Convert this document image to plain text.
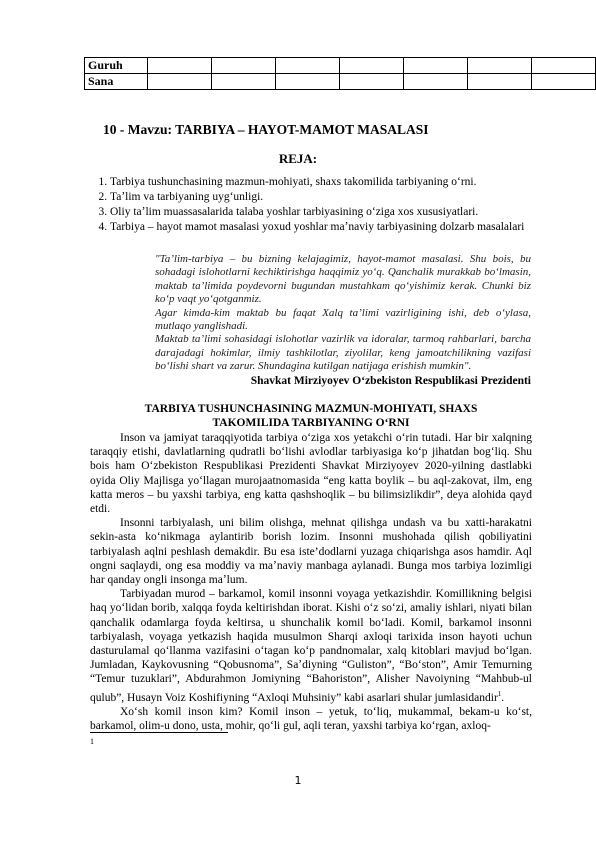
Guruh							
Sana							
10 - Mavzu: TARBIYA – HAYOT-MAMOT MASALASI
REJA:
1. Tarbiya tushunchasining mazmun-mohiyati, shaxs takomilida tarbiyaning oʻrni.
2. Taʼlim va tarbiyaning uygʻunligi.
3. Oliy taʼlim muassasalarida talaba yoshlar tarbiyasining oʻziga xos xususiyatlari.
4. Tarbiya – hayot mamot masalasi yoxud yoshlar maʼnaviy tarbiyasining dolzarb masalalari

"Ta’lim-tarbiya – bu bizning kelajagimiz, hayot-mamot masalasi. Shu bois, bu sohadagi islohotlarni kechiktirishga haqqimiz yo‘q. Qanchalik murakkab bo‘lmasin, maktab ta’limida poydevorni bugundan mustahkam qo‘yishimiz kerak. Chunki biz ko‘p vaqt yo‘qotganmiz.

Agar kimda-kim maktab bu faqat Xalq ta’limi vazirligining ishi, deb o‘ylasa, mutlaqo yanglishadi.

Maktab ta’limi sohasidagi islohotlar vazirlik va idoralar, tarmoq rahbarlari, barcha darajadagi hokimlar, ilmiy tashkilotlar, ziyolilar, keng jamoatchilikning vazifasi bo‘lishi shart va zarur. Shundagina kutilgan natijaga erishish mumkin".

Shavkat Mirziyoyev Oʻzbekiston Respublikasi Prezidenti
TARBIYA TUSHUNCHASINING MAZMUN-MOHIYATI, SHAXS
TAKOMILIDA TARBIYANING OʻRNI

Inson va jamiyat taraqqiyotida tarbiya oʻziga xos yetakchi oʻrin tutadi. Har bir xalqning taraqqiy etishi, davlatlarning qudratli boʻlishi avlodlar tarbiyasiga koʻp jihatdan bogʻliq. Shu bois ham Oʻzbekiston Respublikasi Prezidenti Shavkat Mirziyoyev 2020-yilning dastlabki oyida Oliy Majlisga yoʻllagan murojaatnomasida “eng katta boylik – bu aql-zakovat, ilm, eng katta meros – bu yaxshi tarbiya, eng katta qashshoqlik – bu bilimsizlikdir”, deya alohida qayd etdi.

Insonni tarbiyalash, uni bilim olishga, mehnat qilishga undash va bu xatti-harakatni sekin-asta koʻnikmaga aylantirib borish lozim. Insonni mushohada qilish qobiliyatini tarbiyalash aqlni peshlash demakdir. Bu esa iste’dodlarni yuzaga chiqarishga asos hamdir. Aql ongni saqlaydi, ong esa moddiy va maʼnaviy manbaga aylanadi. Bunga mos tarbiya lozimligi har qanday ongli insonga maʼlum.

Tarbiyadan murod – barkamol, komil insonni voyaga yetkazishdir. Komillikning belgisi haq yoʻlidan borib, xalqqa foyda keltirishdan iborat. Kishi oʻz soʻzi, amaliy ishlari, niyati bilan qanchalik odamlarga foyda keltirsa, u shunchalik komil boʻladi. Komil, barkamol insonni tarbiyalash, voyaga yetkazish haqida musulmon Sharqi axloqi tarixida inson hayoti uchun dasturulamal qoʻllanma vazifasini oʻtagan koʻp pandnomalar, xalq kitoblari mavjud boʻlgan. Jumladan, Kaykovusning “Qobusnoma”, Saʼdiyning “Guliston”, “Boʻston”, Amir Temurning “Temur tuzuklari”, Abdurahmon Jomiyning “Bahoriston”, Alisher Navoiyning “Mahbub-ul qulub”, Husayn Voiz Koshifiyning “Axloqi Muhsiniy” kabi asarlari shular jumlasidandir$^1$.

Xoʻsh komil inson kim? Komil inson – yetuk, toʻliq, mukammal, bekam-u koʻst, barkamol, olim-u dono, usta, mohir, qoʻli gul, aqli teran, yaxshi tarbiya koʻrgan, axloq-

1
1
